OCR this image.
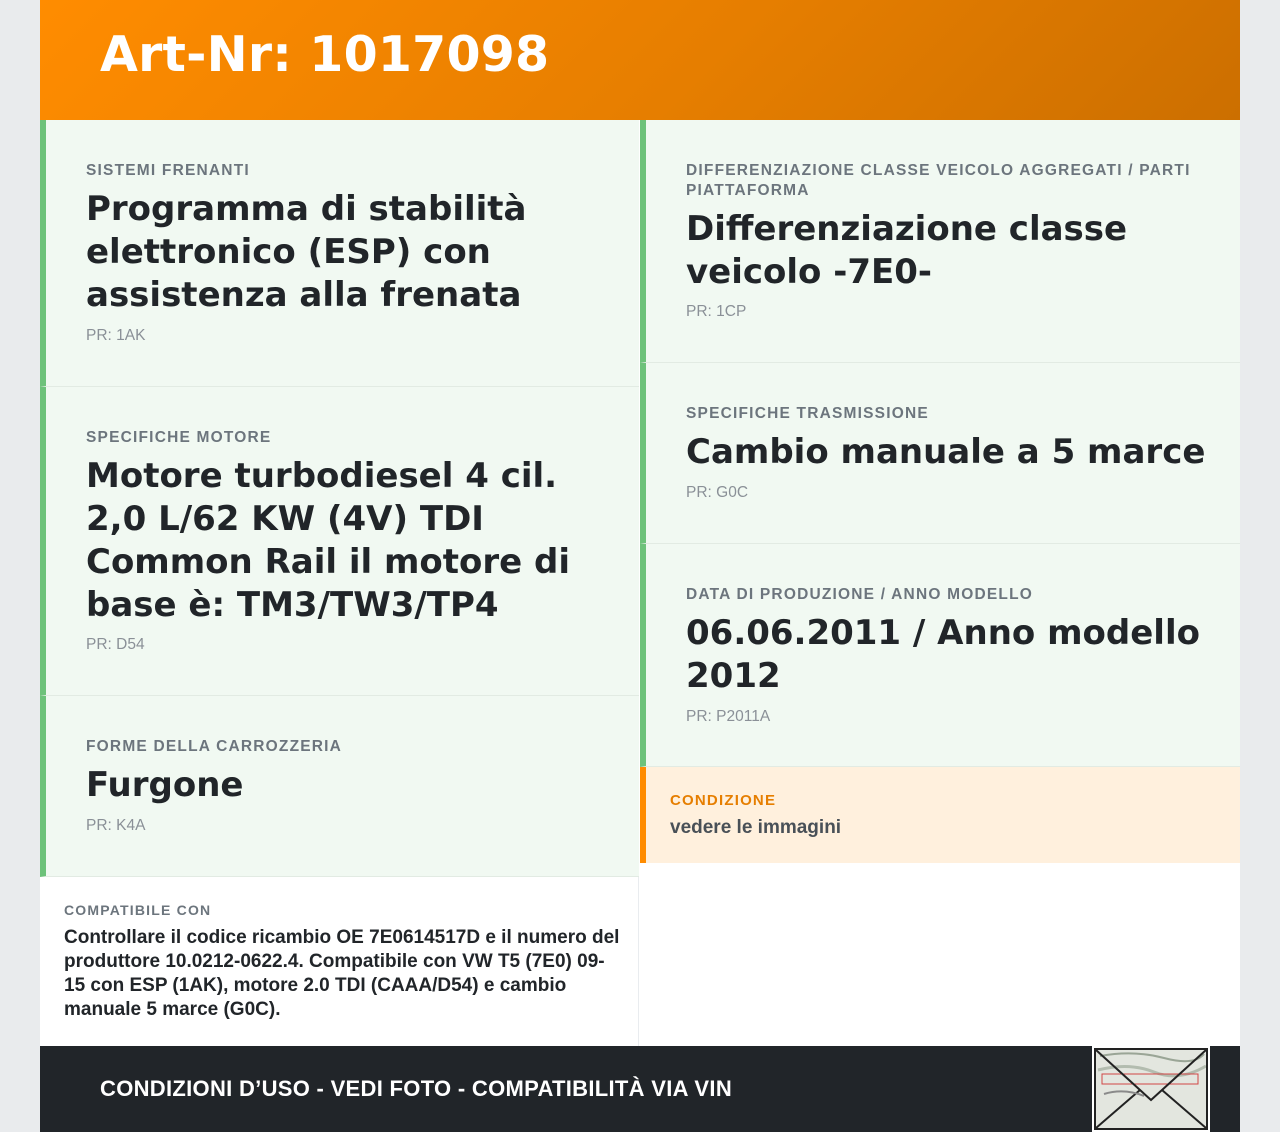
Art-Nr: 1017098
SISTEMI FRENANTI
Programma di stabilità elettronico (ESP) con assistenza alla frenata
PR: 1AK
SPECIFICHE MOTORE
Motore turbodiesel 4 cil. 2,0 L/62 KW (4V) TDI Common Rail il motore di base è: TM3/TW3/TP4
PR: D54
FORME DELLA CARROZZERIA
Furgone
PR: K4A
DIFFERENZIAZIONE CLASSE VEICOLO AGGREGATI / PARTI PIATTAFORMA
Differenziazione classe veicolo -7E0-
PR: 1CP
SPECIFICHE TRASMISSIONE
Cambio manuale a 5 marce
PR: G0C
DATA DI PRODUZIONE / ANNO MODELLO
06.06.2011 / Anno modello 2012
PR: P2011A
CONDIZIONE
vedere le immagini
COMPATIBILE CON
Controllare il codice ricambio OE 7E0614517D e il numero del produttore 10.0212-0622.4. Compatibile con VW T5 (7E0) 09-15 con ESP (1AK), motore 2.0 TDI (CAAA/D54) e cambio manuale 5 marce (G0C).
CONDIZIONI D’USO - VEDI FOTO - COMPATIBILITÀ VIA VIN
